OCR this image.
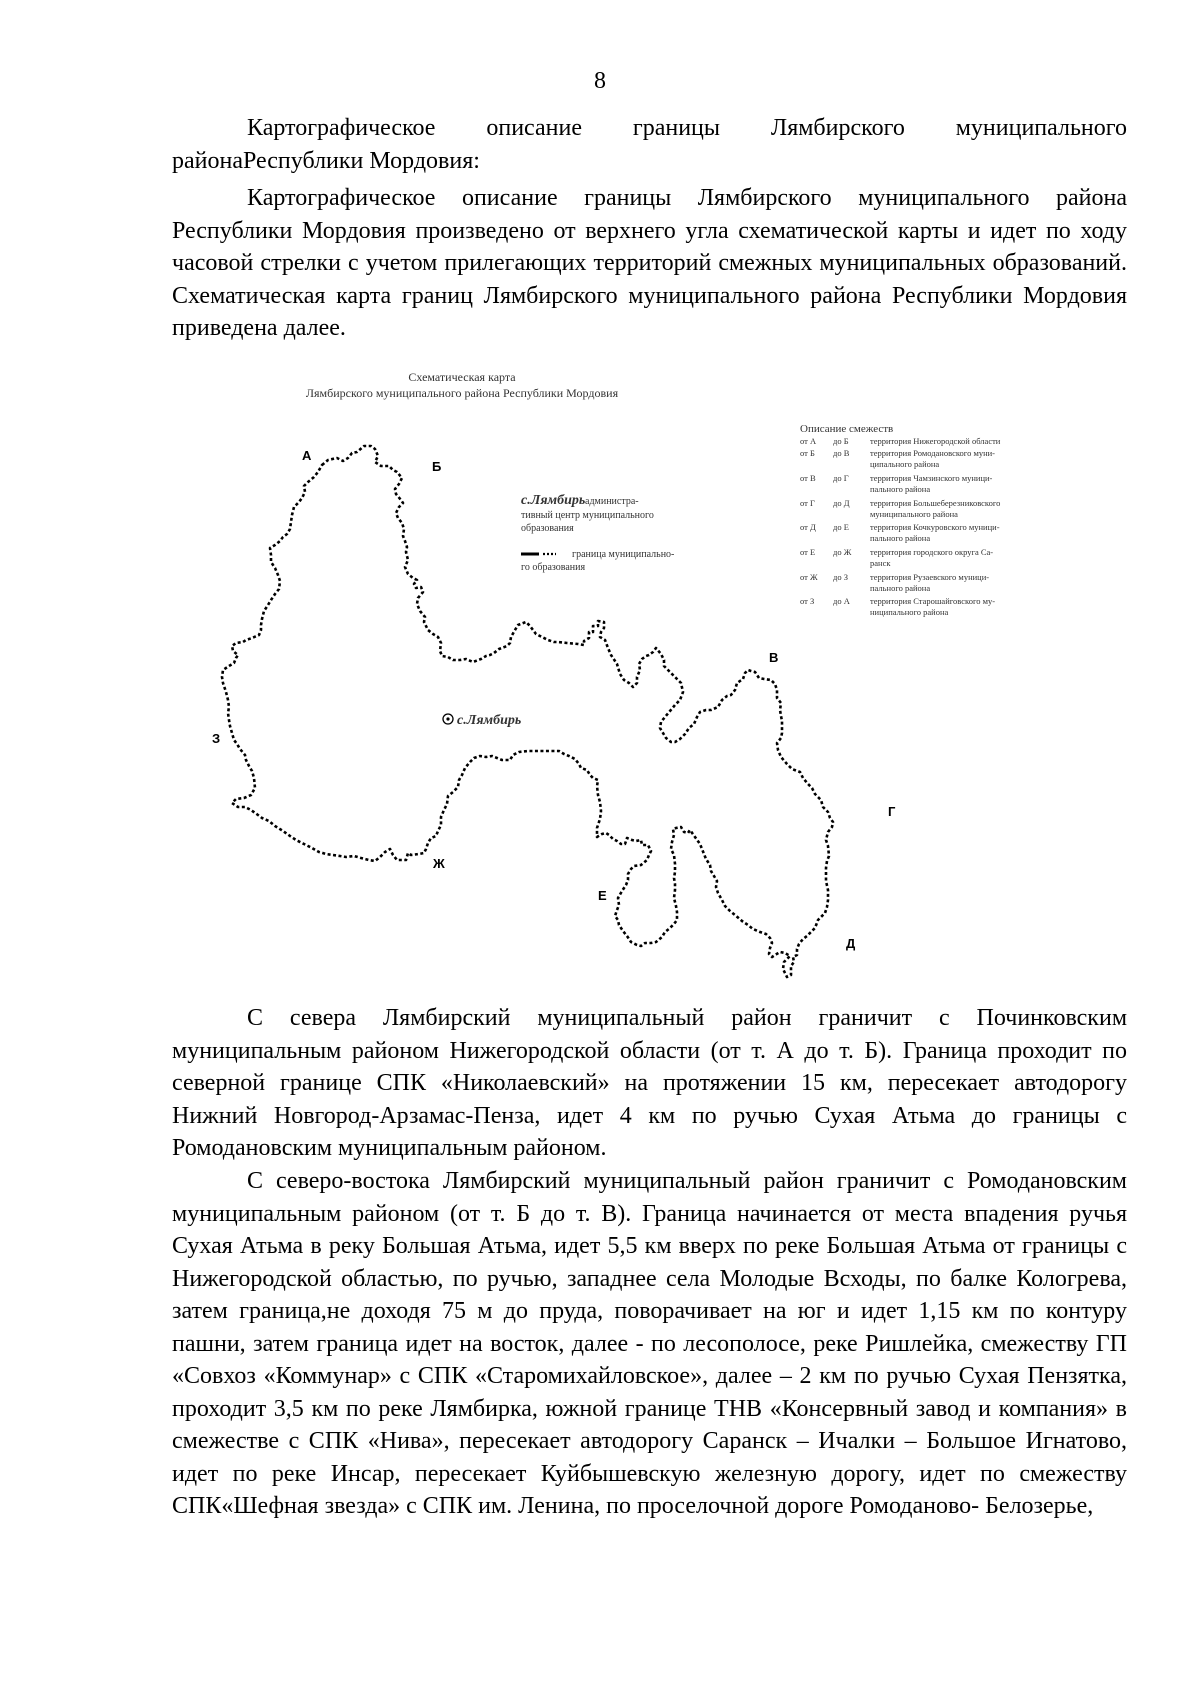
8

Картографическое описание границы Лямбирского муниципального районаРеспублики Мордовия:

Картографическое описание границы Лямбирского муниципального района Республики Мордовия произведено от верхнего угла схематической карты и идет по ходу часовой стрелки с учетом прилегающих территорий смежных муниципальных образований. Схематическая карта границ Лямбирского муниципального района Республики Мордовия приведена далее.

Схематическая карта
Лямбирского муниципального района Республики Мордовия
А
Б
В
Г
Д
Е
Ж
З
с.Лямбирь
с.Лямбирь администра-
тивный центр муниципального
образования
граница муниципально-
го образования
Описание смежеств
от А до Б	территория Нижегородской области
от Б до В территория Ромодановского муни-
ципального района
от В до Г	территория Чамзинского муници-
пального района
от Г до Д территория Большеберезниковского
муниципального района
от Д до Е территория Кочкуровского муници-
пального района
от Е до Ж территория городского округа Са-
ранск
от Ж до З	территория Рузаевского муници-
пального района
от З до А территория Старошайговского му-
ниципального района

С севера Лямбирский муниципальный район граничит с Починковским муниципальным районом Нижегородской области (от т. А до т. Б). Граница проходит по северной границе СПК «Николаевский» на протяжении 15 км, пересекает автодорогу Нижний Новгород-Арзамас-Пенза, идет 4 км по ручью Сухая Атьма до границы с Ромодановским муниципальным районом.

С северо-востока Лямбирский муниципальный район граничит с Ромодановским муниципальным районом (от т. Б до т. В). Граница начинается от места впадения ручья Сухая Атьма в реку Большая Атьма, идет 5,5 км вверх по реке Большая Атьма от границы с Нижегородской областью, по ручью, западнее села Молодые Всходы, по балке Кологрева, затем граница,не доходя 75 м до пруда, поворачивает на юг и идет 1,15 км по контуру пашни, затем граница идет на восток, далее - по лесополосе, реке Ришлейка, смежеству ГП «Совхоз «Коммунар» с СПК «Старомихайловское», далее – 2 км по ручью Сухая Пензятка, проходит 3,5 км по реке Лямбирка, южной границе ТНВ «Консервный завод и компания» в смежестве с СПК «Нива», пересекает автодорогу Саранск – Ичалки – Большое Игнатово, идет по реке Инсар, пересекает Куйбышевскую железную дорогу, идет по смежеству СПК«Шефная звезда» с СПК им. Ленина, по проселочной дороге Ромоданово- Белозерье,
